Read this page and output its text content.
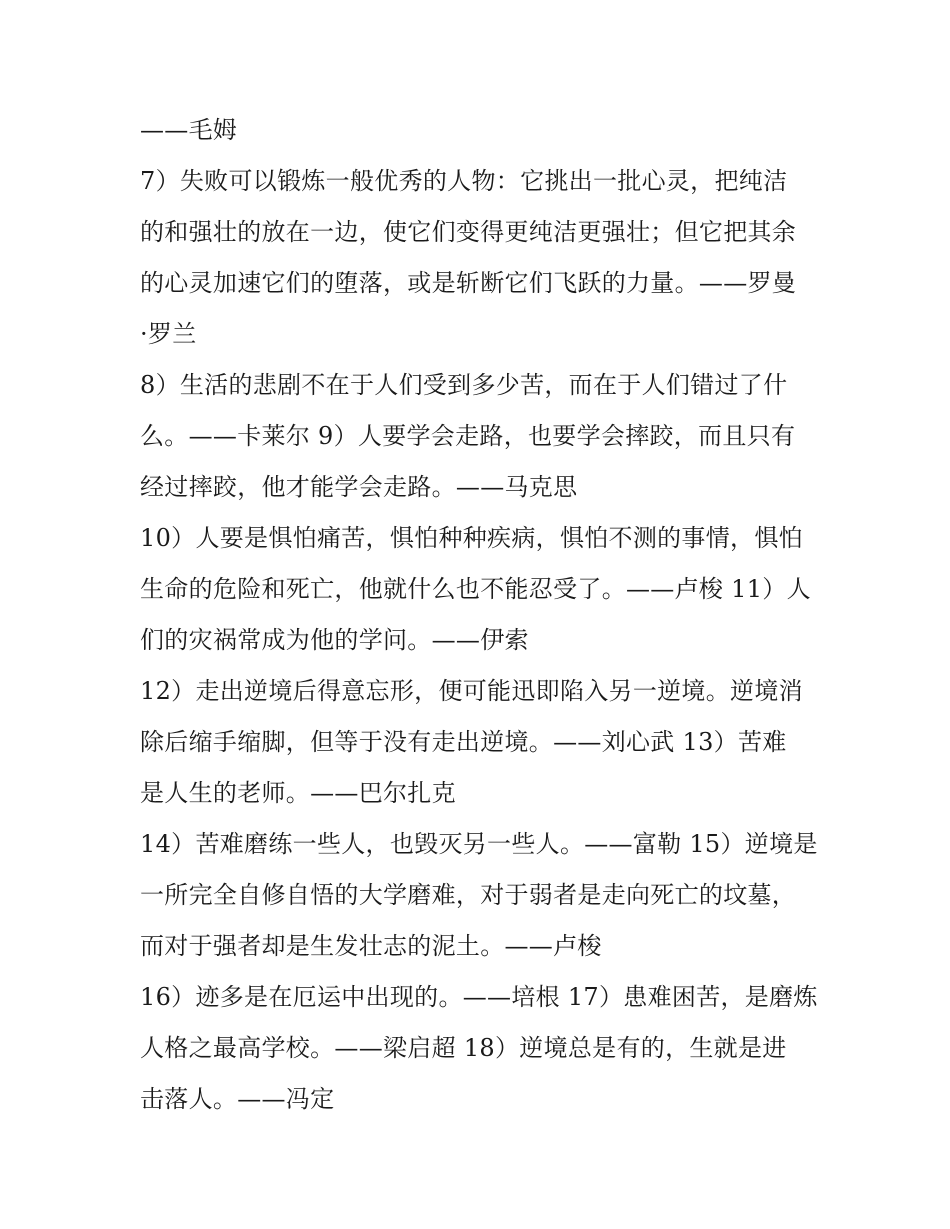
——毛姆
7）失败可以锻炼一般优秀的人物：它挑出一批心灵，把纯洁
的和强壮的放在一边，使它们变得更纯洁更强壮；但它把其余
的心灵加速它们的堕落，或是斩断它们飞跃的力量。——罗曼
·罗兰
8）生活的悲剧不在于人们受到多少苦，而在于人们错过了什
么。——卡莱尔 9）人要学会走路，也要学会摔跤，而且只有
经过摔跤，他才能学会走路。——马克思
10）人要是惧怕痛苦，惧怕种种疾病，惧怕不测的事情，惧怕
生命的危险和死亡，他就什么也不能忍受了。——卢梭 11）人
们的灾祸常成为他的学问。——伊索
12）走出逆境后得意忘形，便可能迅即陷入另一逆境。逆境消
除后缩手缩脚，但等于没有走出逆境。——刘心武 13）苦难
是人生的老师。——巴尔扎克
14）苦难磨练一些人，也毁灭另一些人。——富勒 15）逆境是
一所完全自修自悟的大学磨难，对于弱者是走向死亡的坟墓，
而对于强者却是生发壮志的泥土。——卢梭
16）迹多是在厄运中出现的。——培根 17）患难困苦，是磨炼
人格之最高学校。——梁启超 18）逆境总是有的，生就是进
击落人。——冯定
